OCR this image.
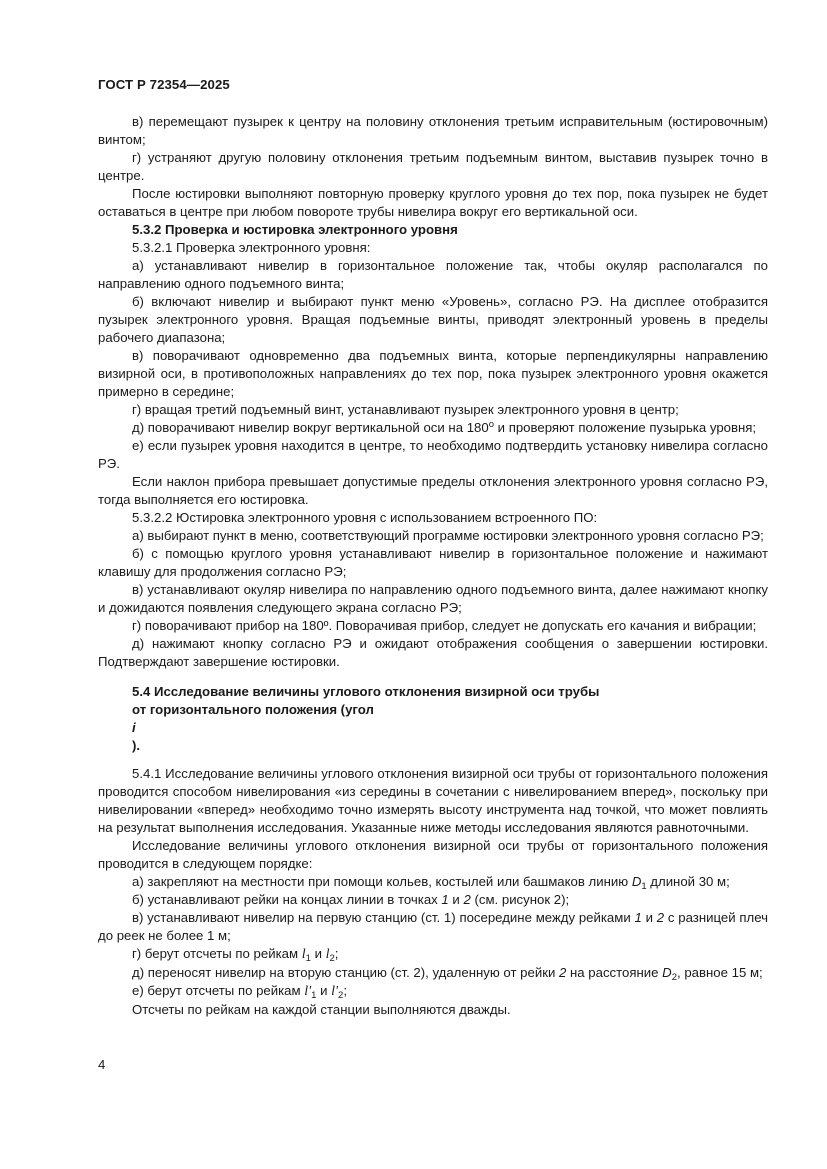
ГОСТ Р 72354—2025

в) перемещают пузырек к центру на половину отклонения третьим исправительным (юстировочным) винтом;

г) устраняют другую половину отклонения третьим подъемным винтом, выставив пузырек точно в центре.

После юстировки выполняют повторную проверку круглого уровня до тех пор, пока пузырек не будет оставаться в центре при любом повороте трубы нивелира вокруг его вертикальной оси.

5.3.2 Проверка и юстировка электронного уровня

5.3.2.1 Проверка электронного уровня:

а) устанавливают нивелир в горизонтальное положение так, чтобы окуляр располагался по направлению одного подъемного винта;

б) включают нивелир и выбирают пункт меню «Уровень», согласно РЭ. На дисплее отобразится пузырек электронного уровня. Вращая подъемные винты, приводят электронный уровень в пределы рабочего диапазона;

в) поворачивают одновременно два подъемных винта, которые перпендикулярны направлению визирной оси, в противоположных направлениях до тех пор, пока пузырек электронного уровня окажется примерно в середине;

г) вращая третий подъемный винт, устанавливают пузырек электронного уровня в центр;

д) поворачивают нивелир вокруг вертикальной оси на $180^о$ и проверяют положение пузырька уровня;

е) если пузырек уровня находится в центре, то необходимо подтвердить установку нивелира согласно РЭ.

Если наклон прибора превышает допустимые пределы отклонения электронного уровня согласно РЭ, тогда выполняется его юстировка.

5.3.2.2 Юстировка электронного уровня с использованием встроенного ПО:

а) выбирают пункт в меню, соответствующий программе юстировки электронного уровня согласно РЭ;

б) с помощью круглого уровня устанавливают нивелир в горизонтальное положение и нажимают клавишу для продолжения согласно РЭ;

в) устанавливают окуляр нивелира по направлению одного подъемного винта, далее нажимают кнопку и дожидаются появления следующего экрана согласно РЭ;

г) поворачивают прибор на 180º. Поворачивая прибор, следует не допускать его качания и вибрации;

д) нажимают кнопку согласно РЭ и ожидают отображения сообщения о завершении юстировки. Подтверждают завершение юстировки.

5.4 Исследование величины углового отклонения визирной оси трубы
от горизонтального положения (угол
i
).

5.4.1 Исследование величины углового отклонения визирной оси трубы от горизонтального положения проводится способом нивелирования «из середины в сочетании с нивелированием вперед», поскольку при нивелировании «вперед» необходимо точно измерять высоту инструмента над точкой, что может повлиять на результат выполнения исследования. Указанные ниже методы исследования являются равноточными.

Исследование величины углового отклонения визирной оси трубы от горизонтального положения проводится в следующем порядке:

а) закрепляют на местности при помощи кольев, костылей или башмаков линию $D_1$ длиной 30 м;

б) устанавливают рейки на концах линии в точках 1 и 2 (см. рисунок 2);

в) устанавливают нивелир на первую станцию (ст. 1) посередине между рейками 1 и 2 с разницей плеч до реек не более 1 м;

г) берут отсчеты по рейкам $l_1$ и $l_2$;

д) переносят нивелир на вторую станцию (ст. 2), удаленную от рейки 2 на расстояние $D_2$, равное 15 м;

е) берут отсчеты по рейкам $l'_1$ и $l'_2$;

Отсчеты по рейкам на каждой станции выполняются дважды.

4
